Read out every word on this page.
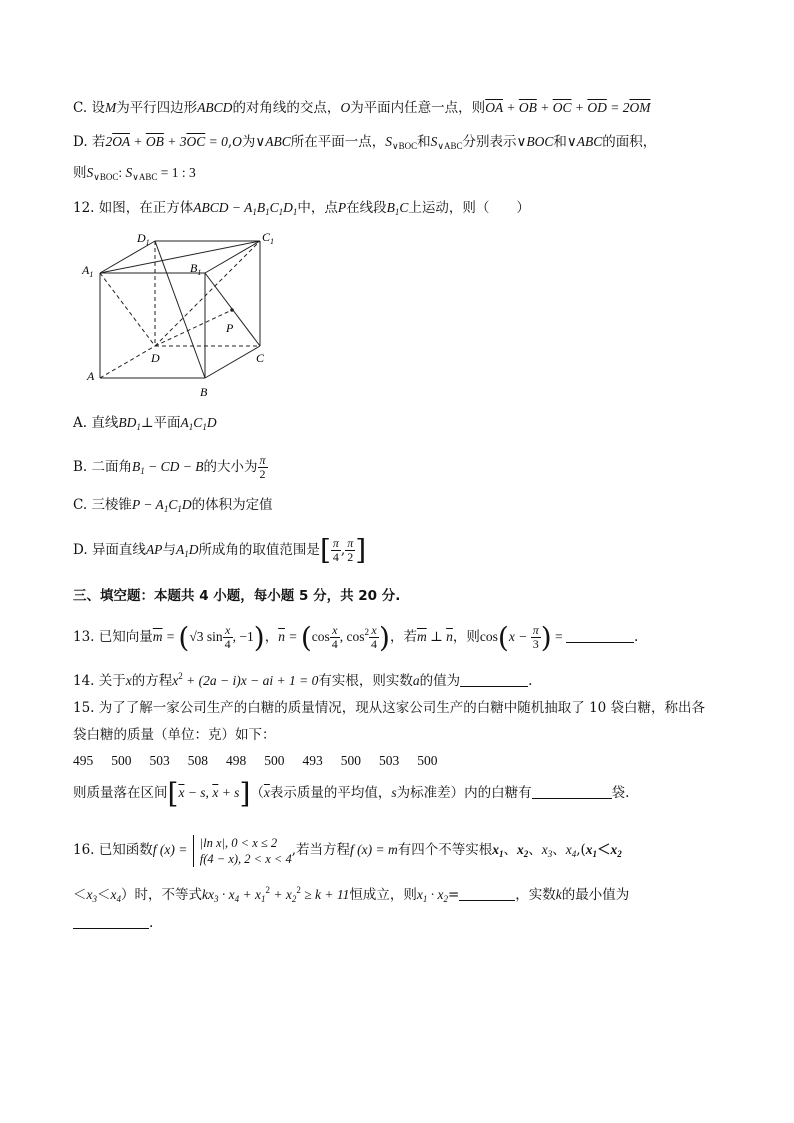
C. 设M为平行四边形ABCD的对角线的交点，O为平面内任意一点，则$\overline{OA} + \overline{OB} + \overline{OC} + \overline{OD} = 2\overline{OM}$
D. 若$2\overline{OA} + \overline{OB} + 3\overline{OC} = 0,O$为∨ABC所在平面一点，$S_{\vee BOC}$和$S_{\vee ABC}$分别表示∨BOC和∨ABC的面积，
则$S_{\vee BOC}$: $S_{\vee ABC} = 1$ : 3
12. 如图，在正方体ABCD − $A_1B_1C_1D_1$中，点P在线段$B_1C$上运动，则（　　）
$D_1$	$C_1$
$A_1$	$B_1$
P
D	C
A
B
A. 直线$BD_1\perp$平面$A_1C_1D$
B. 二面角$B_1$ − CD − B的大小为 $\frac{\pi}{2}$
C. 三棱锥$P - A_1C_1D$的体积为定值
D. 异面直线AP与$A_1D$所成角的取值范围是[ $\frac{\pi}{4}$ , $\frac{\pi}{2}$ ]
三、填空题：本题共 4 小题，每小题 5 分，共 20 分.
13. 已知向量$\overline{m} = (√3$ $\sin \frac{x}{4}$ , −1)，$\overline{n} = (\cos \frac{x}{4}$ , $\cos^2 \frac{x}{4}$ )，若$\overline{m}$ ⊥ $\overline{n}$，则$\cos(x - \frac{\pi}{3}$ ) =	.
14. 关于x的方程$x^2 + (2a - i)x$ − ai + 1 = 0有实根，则实数a的值为	.
15. 为了了解一家公司生产的白糖的质量情况，现从这家公司生产的白糖中随机抽取了 10 袋白糖，称出各
袋白糖的质量（单位：克）如下：
495 500 503 508 498 500 493 500 503 500
则质量落在区间[$\overline{x} - s$, $\overline{x} + s](\overline{x}$表示质量的平均值，s为标准差）内的白糖有	袋.
16. 已知函数f (x) = |ln x|, 0 < x ≤ 2
f(4 − x), 2 < x < 4
,若当方程f (x) = m有四个不等实根$x_1$、$x_2$、$x_3$、$x_4,(x_1<x_2$
$<x_3<x_4$）时，不等式$kx_3 \cdot x_4 + x_1^2 + x_2^2 \ge k + 11$恒成立，则$x_1 \cdot x_2=$	，实数k的最小值为
.
